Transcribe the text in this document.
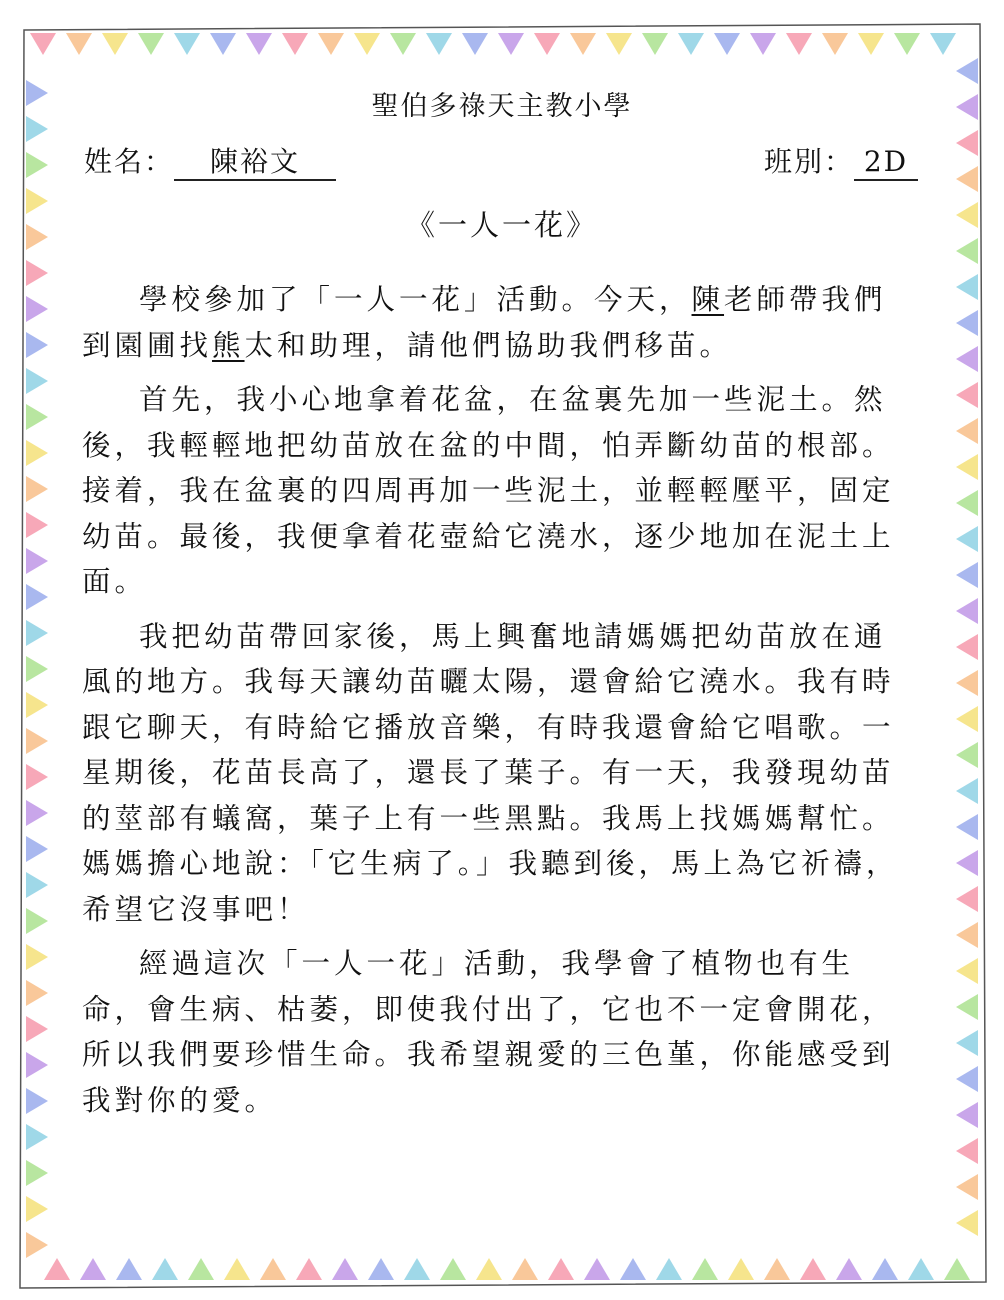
聖伯多祿天主教小學
姓名： 陳裕文	班別： 2D
《一人一花》

學校參加了「一人一花」活動。今天，陳老師帶我們到園圃找熊太和助理，請他們協助我們移苗。

首先，我小心地拿着花盆，在盆裏先加一些泥土。然後，我輕輕地把幼苗放在盆的中間，怕弄斷幼苗的根部。接着，我在盆裏的四周再加一些泥土，並輕輕壓平，固定幼苗。最後，我便拿着花壺給它澆水，逐少地加在泥土上面。

我把幼苗帶回家後，馬上興奮地請媽媽把幼苗放在通風的地方。我每天讓幼苗曬太陽，還會給它澆水。我有時跟它聊天，有時給它播放音樂，有時我還會給它唱歌。一星期後，花苗長高了，還長了葉子。有一天，我發現幼苗的莖部有蟻窩，葉子上有一些黑點。我馬上找媽媽幫忙。媽媽擔心地說：「它生病了。」我聽到後，馬上為它祈禱，希望它沒事吧！

經過這次「一人一花」活動，我學會了植物也有生命，會生病、枯萎，即使我付出了，它也不一定會開花，所以我們要珍惜生命。我希望親愛的三色堇，你能感受到我對你的愛。
